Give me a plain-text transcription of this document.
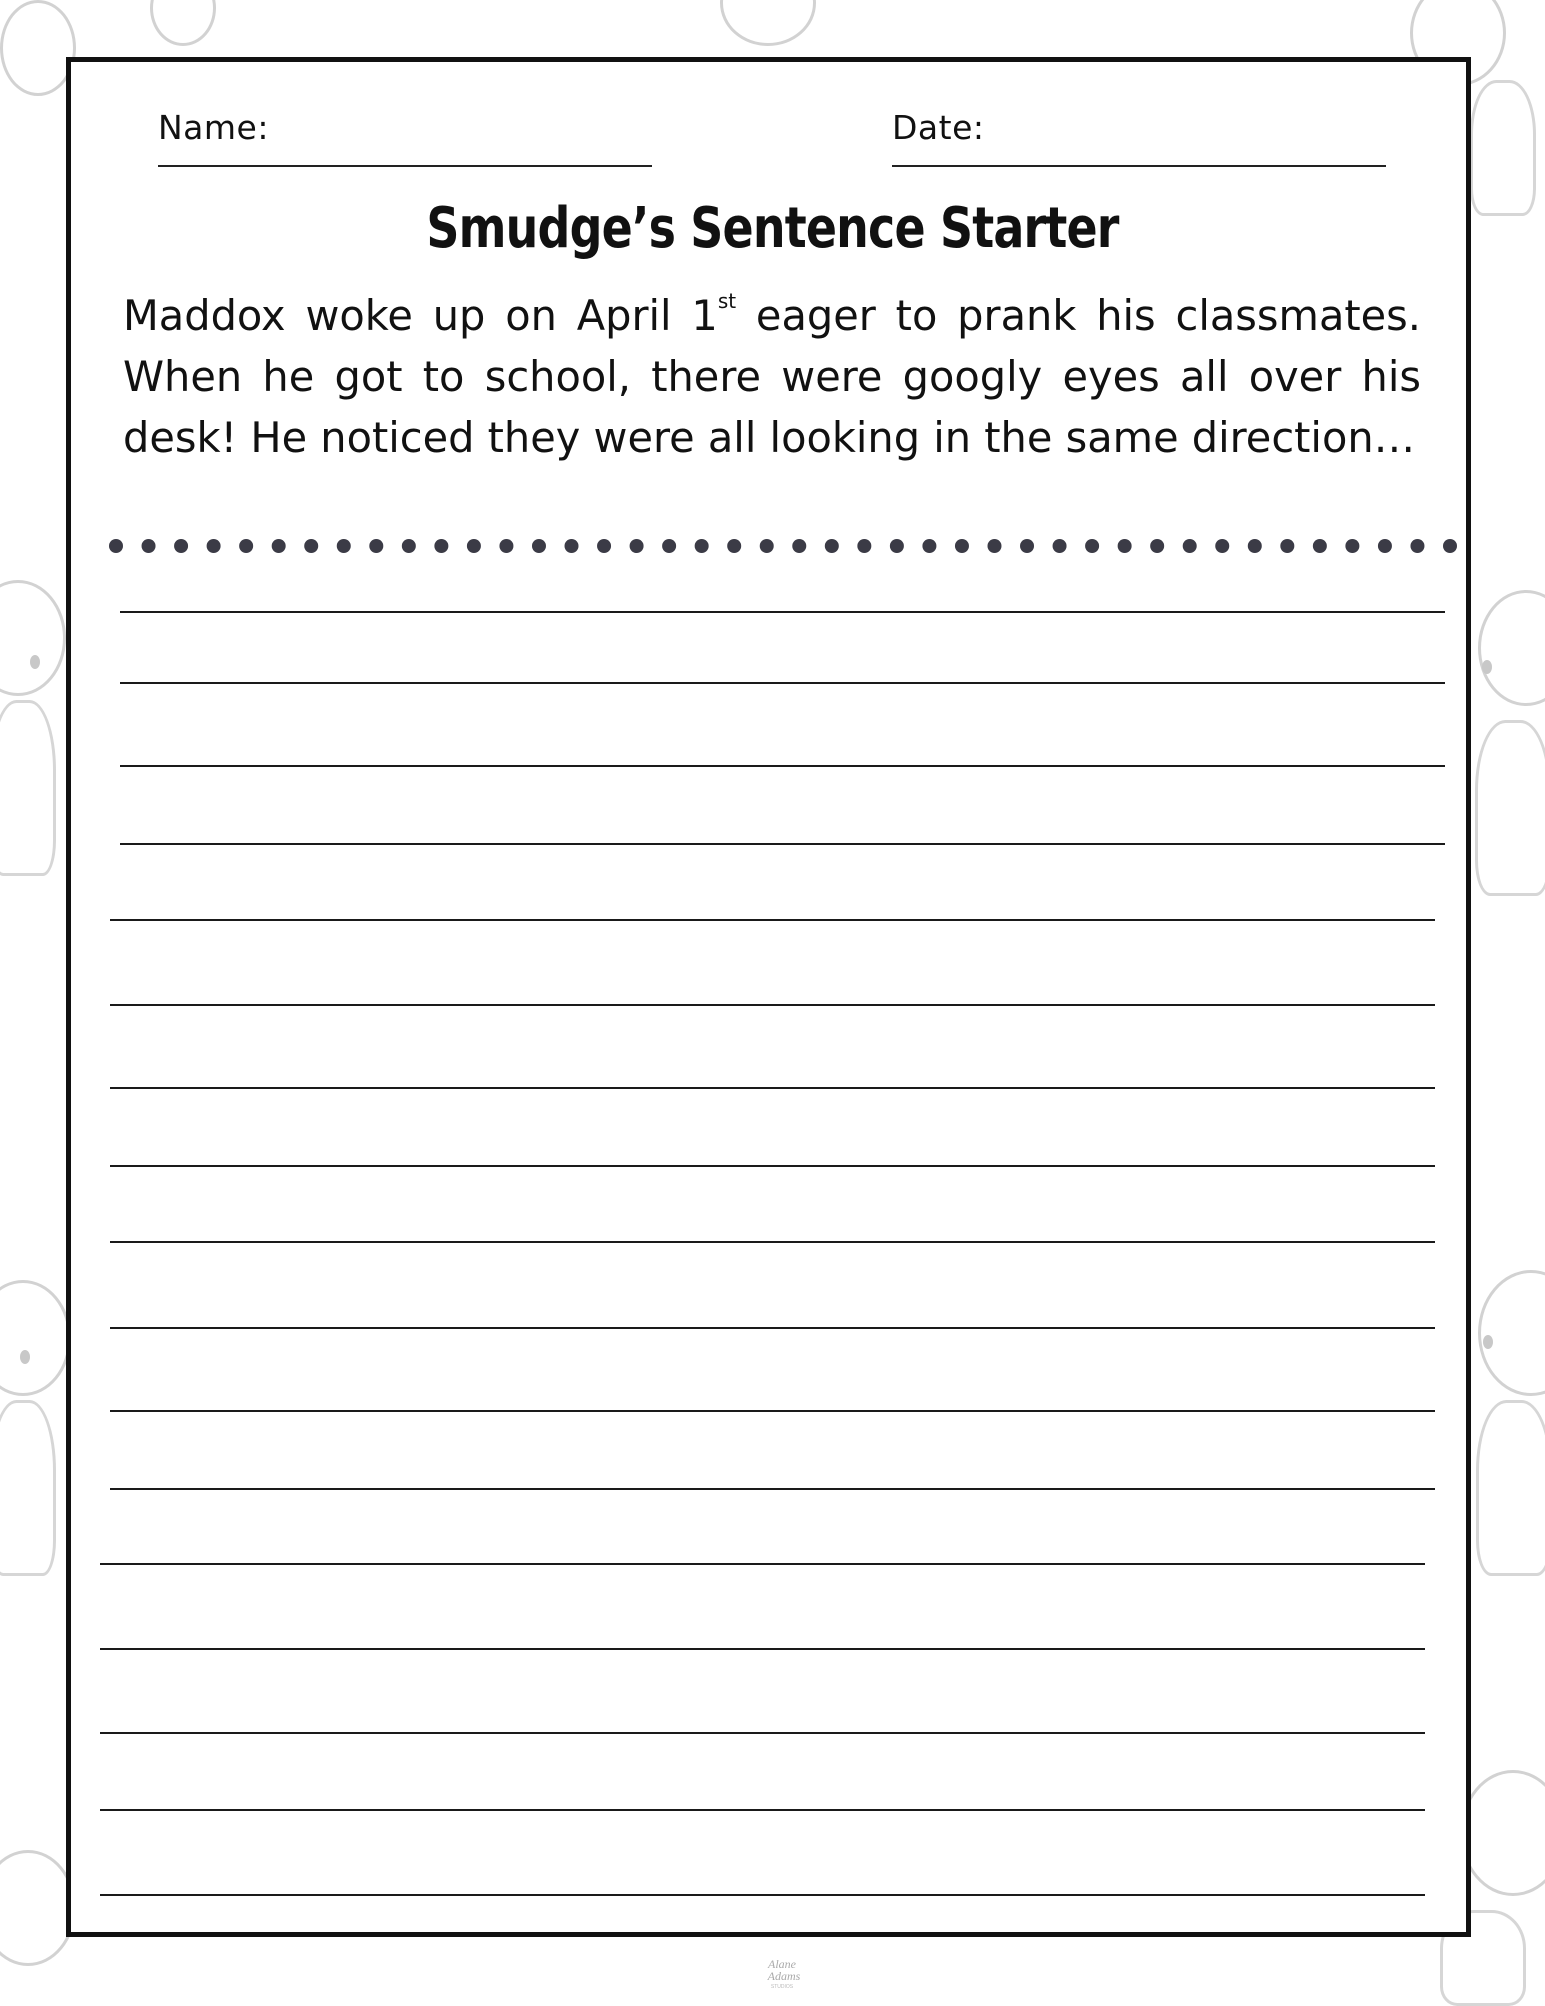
Name:	Date:
Smudge’s Sentence Starter
Maddox woke up on April 1st eager to prank his classmates. When he got to school, there were googly eyes all over his desk! He noticed they were all looking in the same direction…
Alane
Adams
STUDIOS
